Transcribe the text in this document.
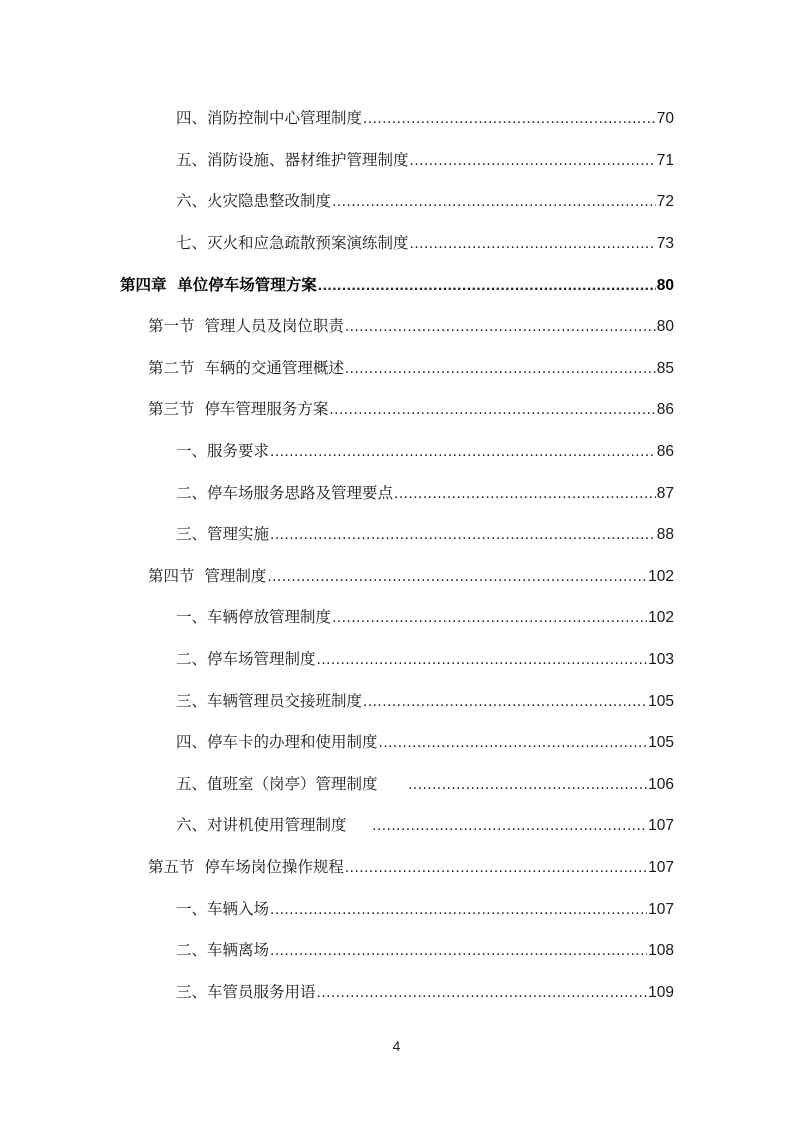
四、消防控制中心管理制度 .....	70
五、消防设施、器材维护管理制度 .....	71
六、火灾隐患整改制度 .....	72
七、灭火和应急疏散预案演练制度 .....	73
第四章  单位停车场管理方案 .....	80
第一节  管理人员及岗位职责 .....	80
第二节  车辆的交通管理概述 .....	85
第三节  停车管理服务方案 .....	86
一、服务要求 .....	86
二、停车场服务思路及管理要点 .....	87
三、管理实施 .....	88
第四节  管理制度 .....	102
一、车辆停放管理制度 .....	102
二、停车场管理制度 .....	103
三、车辆管理员交接班制度 .....	105
四、停车卡的办理和使用制度 .....	105
五、值班室（岗亭）管理制度 .....	106
六、对讲机使用管理制度 .....	107
第五节  停车场岗位操作规程 .....	107
一、车辆入场 .....	107
二、车辆离场 .....	108
三、车管员服务用语 .....	109
4
